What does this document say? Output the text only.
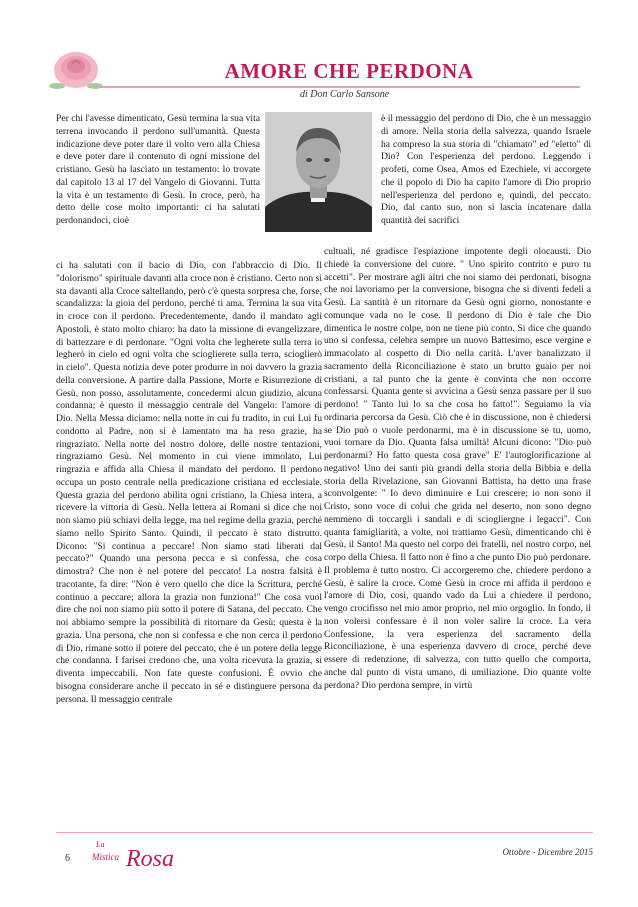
AMORE CHE PERDONA
di Don Carlo Sansone

Per chi l'avesse dimenticato, Gesù termina la sua vita terrena invocando il perdono sull'umanità. Questa indicazione deve poter dare il volto vero alla Chiesa e deve poter dare il contenuto di ogni missione del cristiano. Gesù ha lasciato un testamento: lo trovate dal capitolo 13 al 17 del Vangelo di Giovanni. Tutta la vita è un testamento di Gesù. In croce, però, ha detto delle cose molto importanti: ci ha salutati perdonandoci, cioè

è il messaggio del perdono di Dio, che è un messaggio di amore. Nella storia della salvezza, quando Israele ha compreso la sua storia di "chiamato" ed "eletto" di Dio? Con l'esperienza del perdono. Leggendo i profeti, come Osea, Amos ed Ezechiele, vi accorgete che il popolo di Dio ha capito l'amore di Dio proprio nell'esperienza del perdono e, quindi, del peccato. Dio, dal canto suo, non si lascia incatenare dalla quantità dei sacrifici

ci ha salutati con il bacio di Dio, con l'abbraccio di Dio. Il "dolorismo" spirituale davanti alla croce non è cristiano. Certo non si sta davanti alla Croce saltellando, però c'è questa sorpresa che, forse, scandalizza: la gioia del perdono, perché ti ama. Termina la sua vita in croce con il perdono. Precedentemente, dando il mandato agli Apostoli, è stato molto chiaro: ha dato la missione di evangelizzare, di battezzare e di perdonare. "Ogni volta che legherete sulla terra io legherò in cielo ed ogni volta che scioglierete sulla terra, scioglierò in cielo". Questa notizia deve poter produrre in noi davvero la grazia della conversione. A partire dalla Passione, Morte e Risurrezione di Gesù, non posso, assolutamente, concedermi alcun giudizio, alcuna condanna; è questo il messaggio centrale del Vangelo: l'amore di Dio. Nella Messa diciamo: nella notte in cui fu tradito, in cui Lui fu condotto al Padre, non si è lamentato ma ha reso grazie, ha ringraziato. Nella notte del nostro dolore, delle nostre tentazioni, ringraziamo Gesù. Nel momento in cui viene immolato, Lui ringrazia e affida alla Chiesa il mandato del perdono. Il perdono occupa un posto centrale nella predicazione cristiana ed ecclesiale. Questa grazia del perdono abilita ogni cristiano, la Chiesa intera, a ricevere la vittoria di Gesù. Nella lettera ai Romani si dice che noi non siamo più schiavi della legge, ma nel regime della grazia, perché siamo nello Spirito Santo. Quindi, il peccato è stato distrutto. Dicono: "Si continua a peccare! Non siamo stati liberati dal peccato?" Quando una persona pecca e si confessa, che cosa dimostra? Che non è nel potere del peccato! La nostra falsità è tracotante, fa dire: "Non è vero quello che dice la Scrittura, perché continuo a peccare; allora la grazia non funziona!" Che cosa vuol dire che noi non siamo più sotto il potere di Satana, del peccato. Che noi abbiamo sempre la possibilità di ritornare da Gesù: questa è la grazia. Una persona, che non si confessa e che non cerca il perdono di Dio, rimane sotto il potere del peccato, che è un potere della legge che condanna. I farisei credono che, una volta ricevuta la grazia, si diventa impeccabili. Non fate queste confusioni. È ovvio che bisogna considerare anche il peccato in sé e distinguere persona da persona. Il messaggio centrale

cultuali, né gradisce l'espiazione impotente degli olocausti. Dio chiede la conversione del cuore. " Uno spirito contrito e puro tu accetti". Per mostrare agli altri che noi siamo dei perdonati, bisogna che noi lavoriamo per la conversione, bisogna che si diventi fedeli a Gesù. La santità è un ritornare da Gesù ogni giorno, nonostante e comunque vada no le cose. Il perdono di Dio è tale che Dio dimentica le nostre colpe, non ne tiene più conto. Si dice che quando uno si confessa, celebra sempre un nuovo Battesimo, esce vergine e immacolato al cospetto di Dio nella carità. L'aver banalizzato il sacramento della Riconciliazione è stato un brutto guaio per noi cristiani, a tal punto che la gente è convinta che non occorre confessarsi. Quanta gente si avvicina a Gesù senza passare per il suo perdono! " Tanto lui lo sa che cosa ho fatto!". Seguiamo la via ordinaria percorsa da Gesù. Ciò che è in discussione, non è chiedersi se Dio può o vuole perdonarmi, ma è in discussione se tu, uomo, vuoi tornare da Dio. Quanta falsa umiltà! Alcuni dicono: "Dio può perdonarmi? Ho fatto questa cosa grave" E' l'autoglorificazione al negativo! Uno dei santi più grandi della storia della Bibbia e della storia della Rivelazione, san Giovanni Battista, ha detto una frase sconvolgente: " Io devo diminuire e Lui crescere; io non sono il Cristo, sono voce di colui che grida nel deserto, non sono degno nemmeno di toccargli i sandali e di sciogliergne i legacci". Con quanta famigliarità, a volte, noi trattiamo Gesù, dimenticando chi è Gesù, il Santo! Ma questo nel corpo dei fratelli, nel nostro corpo, nel corpo della Chiesa. Il fatto non è fino a che punto Dio può perdonare. Il problema è tutto nostro. Ci accorgeremo che, chiedere perdono a Gesù, è salire la croce. Come Gesù in croce mi affida il perdono e l'amore di Dio, così, quando vado da Lui a chiedere il perdono, vengo crocifisso nel mio amor proprio, nel mio orgoglio. In fondo, il non volersi confessare è il non voler salire la croce. La vera Confessione, la vera esperienza del sacramento della Riconciliazione, è una esperienza davvero di croce, perché deve essere di redenzione, di salvezza, con tutto quello che comporta, anche dal punto di vista umano, di umiliazione. Dio quante volte perdona? Dio perdona sempre, in virtù

6
La
Mistica Rosa	Ottobre - Dicembre 2015
